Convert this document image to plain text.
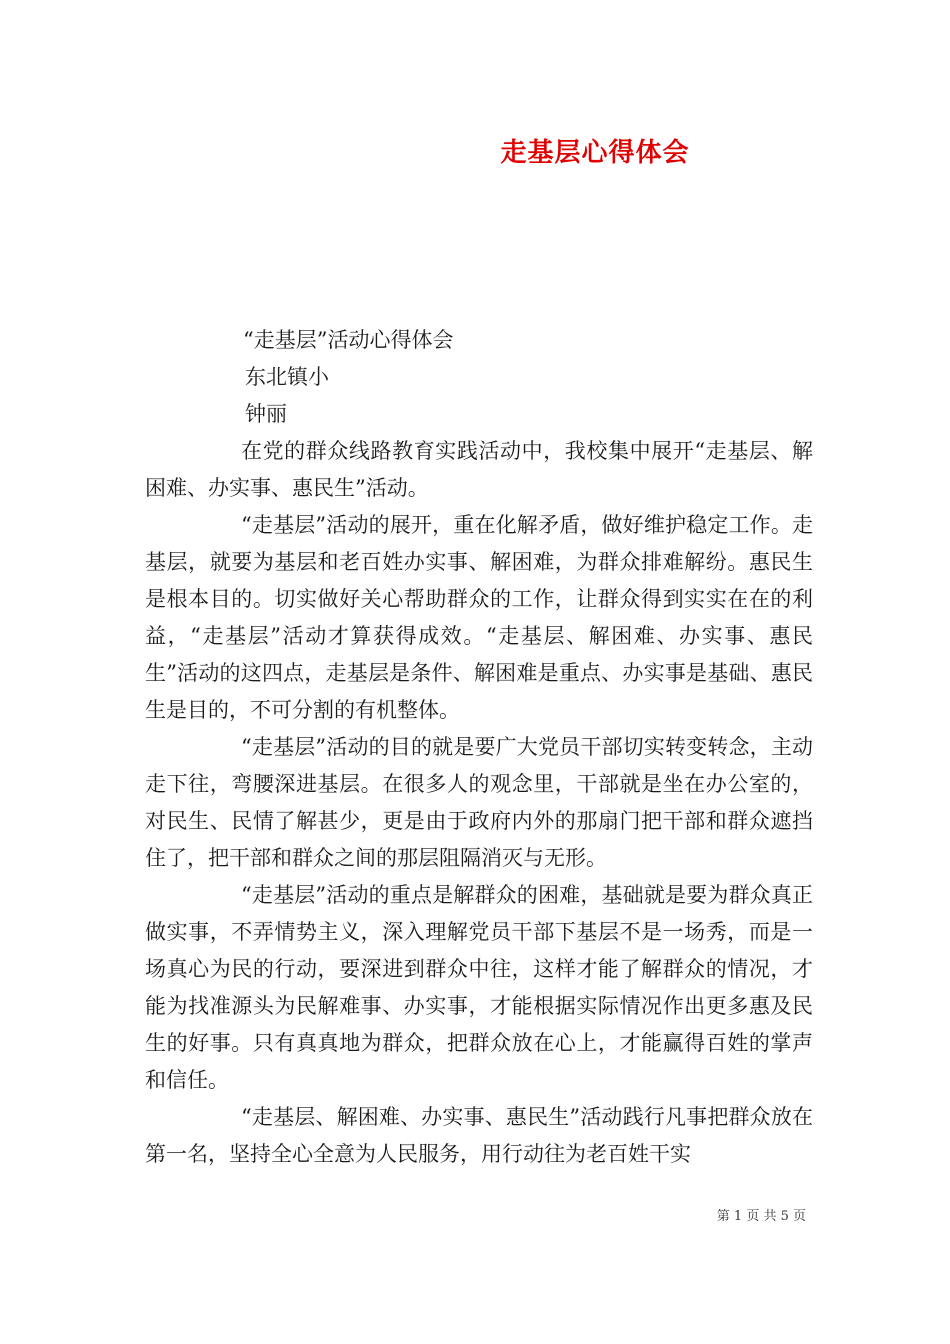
走基层心得体会

“走基层”活动心得体会

东北镇小

钟丽

在党的群众线路教育实践活动中，我校集中展开“走基层、解困难、办实事、惠民生”活动。

“走基层”活动的展开，重在化解矛盾，做好维护稳定工作。走基层，就要为基层和老百姓办实事、解困难，为群众排难解纷。惠民生是根本目的。切实做好关心帮助群众的工作，让群众得到实实在在的利益，“走基层”活动才算获得成效。“走基层、解困难、办实事、惠民生”活动的这四点，走基层是条件、解困难是重点、办实事是基础、惠民生是目的，不可分割的有机整体。

“走基层”活动的目的就是要广大党员干部切实转变转念，主动走下往，弯腰深进基层。在很多人的观念里，干部就是坐在办公室的，对民生、民情了解甚少，更是由于政府内外的那扇门把干部和群众遮挡住了，把干部和群众之间的那层阻隔消灭与无形。

“走基层”活动的重点是解群众的困难，基础就是要为群众真正做实事，不弄情势主义，深入理解党员干部下基层不是一场秀，而是一场真心为民的行动，要深进到群众中往，这样才能了解群众的情况，才能为找准源头为民解难事、办实事，才能根据实际情况作出更多惠及民生的好事。只有真真地为群众，把群众放在心上，才能赢得百姓的掌声和信任。

“走基层、解困难、办实事、惠民生”活动践行凡事把群众放在第一名，坚持全心全意为人民服务，用行动往为老百姓干实

第 1 页 共 5 页
